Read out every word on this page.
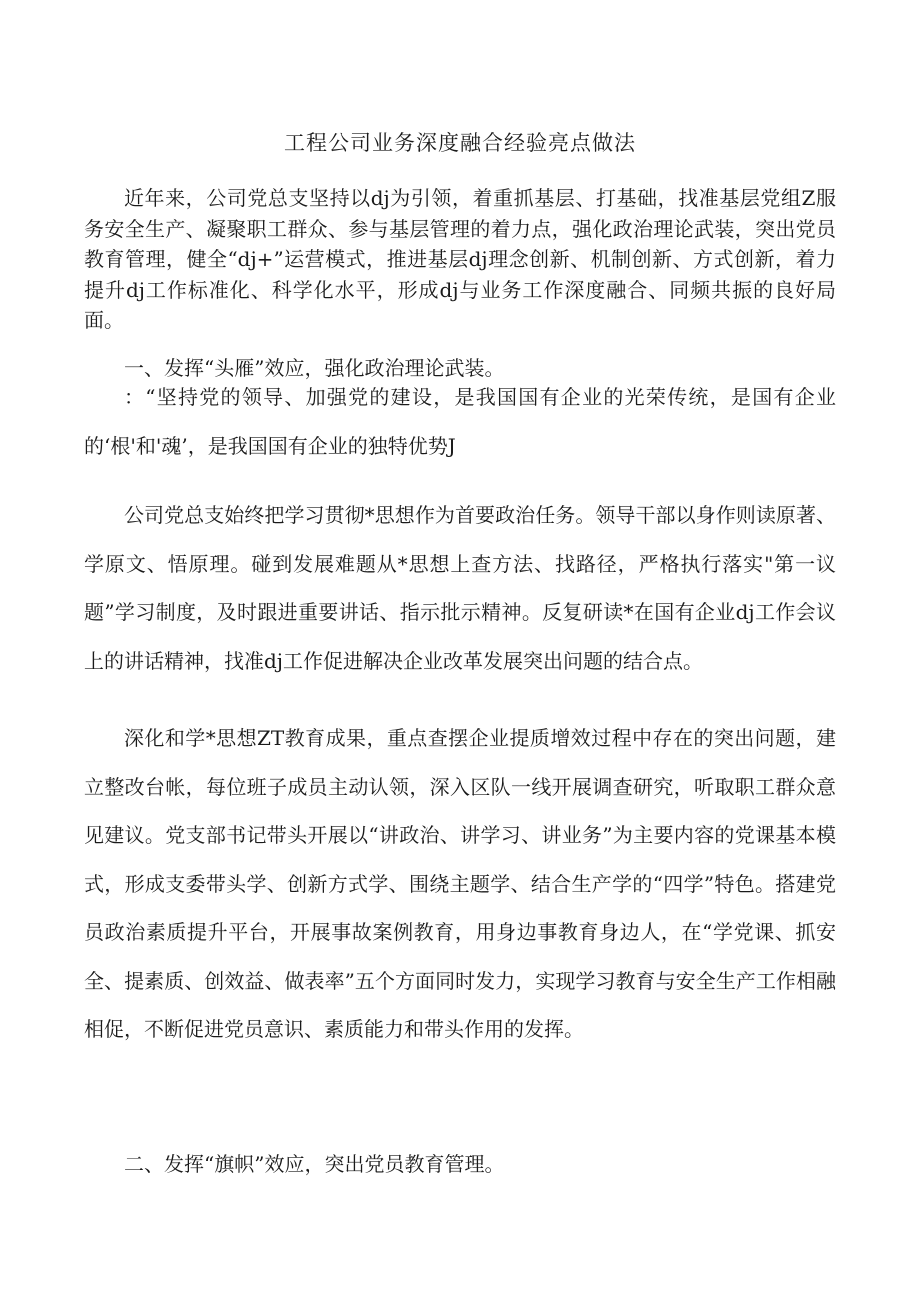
工程公司业务深度融合经验亮点做法

近年来，公司党总支坚持以dj为引领，着重抓基层、打基础，找准基层党组Z服务安全生产、凝聚职工群众、参与基层管理的着力点，强化政治理论武装，突出党员教育管理，健全“dj+”运营模式，推进基层dj理念创新、机制创新、方式创新，着力提升dj工作标准化、科学化水平，形成dj与业务工作深度融合、同频共振的良好局面。

一、发挥“头雁”效应，强化政治理论武装。

：“坚持党的领导、加强党的建设，是我国国有企业的光荣传统，是国有企业的‘根'和'魂’，是我国国有企业的独特优势J

公司党总支始终把学习贯彻*思想作为首要政治任务。领导干部以身作则读原著、学原文、悟原理。碰到发展难题从*思想上查方法、找路径，严格执行落实"第一议题”学习制度，及时跟进重要讲话、指示批示精神。反复研读*在国有企业dj工作会议上的讲话精神，找准dj工作促进解决企业改革发展突出问题的结合点。

深化和学*思想ZT教育成果，重点查摆企业提质增效过程中存在的突出问题，建立整改台帐，每位班子成员主动认领，深入区队一线开展调查研究，听取职工群众意见建议。党支部书记带头开展以“讲政治、讲学习、讲业务”为主要内容的党课基本模式，形成支委带头学、创新方式学、围绕主题学、结合生产学的“四学”特色。搭建党员政治素质提升平台，开展事故案例教育，用身边事教育身边人，在“学党课、抓安全、提素质、创效益、做表率”五个方面同时发力，实现学习教育与安全生产工作相融相促，不断促进党员意识、素质能力和带头作用的发挥。

二、发挥“旗帜”效应，突出党员教育管理。
